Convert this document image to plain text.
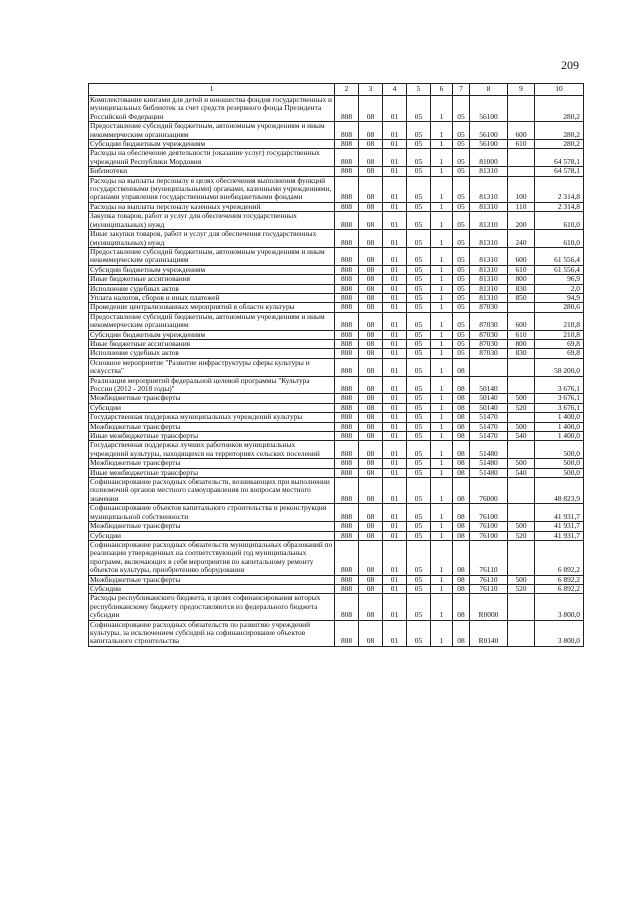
209
1	2	3	4	5	6	7	8	9	10
Комплектование книгами для детей и юношества фондов государственных и муниципальных библиотек за счет средств резервного фонда Президента Российской Федерации	808	08	01	05	1	05	56100		280,2
Предоставление субсидий бюджетным, автономным учреждениям и иным некоммерческим организациям	808	08	01	05	1	05	56100	600	280,2
Субсидии бюджетным учреждениям	808	08	01	05	1	05	56100	610	280,2
Расходы на обеспечение деятельности (оказание услуг) государственных учреждений Республики Мордовия	808	08	01	05	1	05	81000		64 578,1
Библиотеки	808	08	01	05	1	05	81310		64 578,1
Расходы на выплаты персоналу в целях обеспечения выполнения функций государственными (муниципальными) органами, казенными учреждениями, органами управления государственными внебюджетными фондами	808	08	01	05	1	05	81310	100	2 314,8
Расходы на выплаты персоналу казенных учреждений	808	08	01	05	1	05	81310	110	2 314,8
Закупка товаров, работ и услуг для обеспечения государственных (муниципальных) нужд	808	08	01	05	1	05	81310	200	610,0
Иные закупки товаров, работ и услуг для обеспечения государственных (муниципальных) нужд	808	08	01	05	1	05	81310	240	610,0
Предоставление субсидий бюджетным, автономным учреждениям и иным некоммерческим организациям	808	08	01	05	1	05	81310	600	61 556,4
Субсидии бюджетным учреждениям	808	08	01	05	1	05	81310	610	61 556,4
Иные бюджетные ассигнования	808	08	01	05	1	05	81310	800	96,9
Исполнение судебных актов	808	08	01	05	1	05	81310	830	2,0
Уплата налогов, сборов и иных платежей	808	08	01	05	1	05	81310	850	94,9
Проведение централизованных мероприятий в области культуры	808	08	01	05	1	05	87030		280,6
Предоставление субсидий бюджетным, автономным учреждениям и иным некоммерческим организациям	808	08	01	05	1	05	87030	600	210,8
Субсидии бюджетным учреждениям	808	08	01	05	1	05	87030	610	210,8
Иные бюджетные ассигнования	808	08	01	05	1	05	87030	800	69,8
Исполнение судебных актов	808	08	01	05	1	05	87030	830	69,8
Основное мероприятие "Развитие инфраструктуры сферы культуры и искусства"	808	08	01	05	1	08			58 200,0
Реализация мероприятий федеральной целевой программы "Культура России (2012 - 2018 годы)"	808	08	01	05	1	08	50140		3 676,1
Межбюджетные трансферты	808	08	01	05	1	08	50140	500	3 676,1
Субсидии	808	08	01	05	1	08	50140	520	3 676,1
Государственная поддержка муниципальных учреждений культуры	808	08	01	05	1	08	51470		1 400,0
Межбюджетные трансферты	808	08	01	05	1	08	51470	500	1 400,0
Иные межбюджетные трансферты	808	08	01	05	1	08	51470	540	1 400,0
Государственная поддержка лучших работников муниципальных учреждений культуры, находящихся на территориях сельских поселений	808	08	01	05	1	08	51480		500,0
Межбюджетные трансферты	808	08	01	05	1	08	51480	500	500,0
Иные межбюджетные трансферты	808	08	01	05	1	08	51480	540	500,0
Софинансирование расходных обязательств, возникающих при выполнении полномочий органов местного самоуправления по вопросам местного значения	808	08	01	05	1	08	76000		48 823,9
Софинансирование объектов капитального строительства и реконструкция муниципальной собственности	808	08	01	05	1	08	76100		41 931,7
Межбюджетные трансферты	808	08	01	05	1	08	76100	500	41 931,7
Субсидии	808	08	01	05	1	08	76100	520	41 931,7
Софинансирование расходных обязательств муниципальных образований по реализации утвержденных на соответствующий год муниципальных программ, включающих в себя мероприятия по капитальному ремонту объектов культуры, приобретению оборудования	808	08	01	05	1	08	76110		6 892,2
Межбюджетные трансферты	808	08	01	05	1	08	76110	500	6 892,2
Субсидии	808	08	01	05	1	08	76110	520	6 892,2
Расходы республиканского бюджета, в целях софинансирования которых республиканскому бюджету предоставляются из федерального бюджета субсидии	808	08	01	05	1	08	R0000		3 800,0
Софинансирование расходных обязательств по развитию учреждений культуры, за исключением субсидий на софинансирование объектов капитального строительства	808	08	01	05	1	08	R0140		3 800,0
